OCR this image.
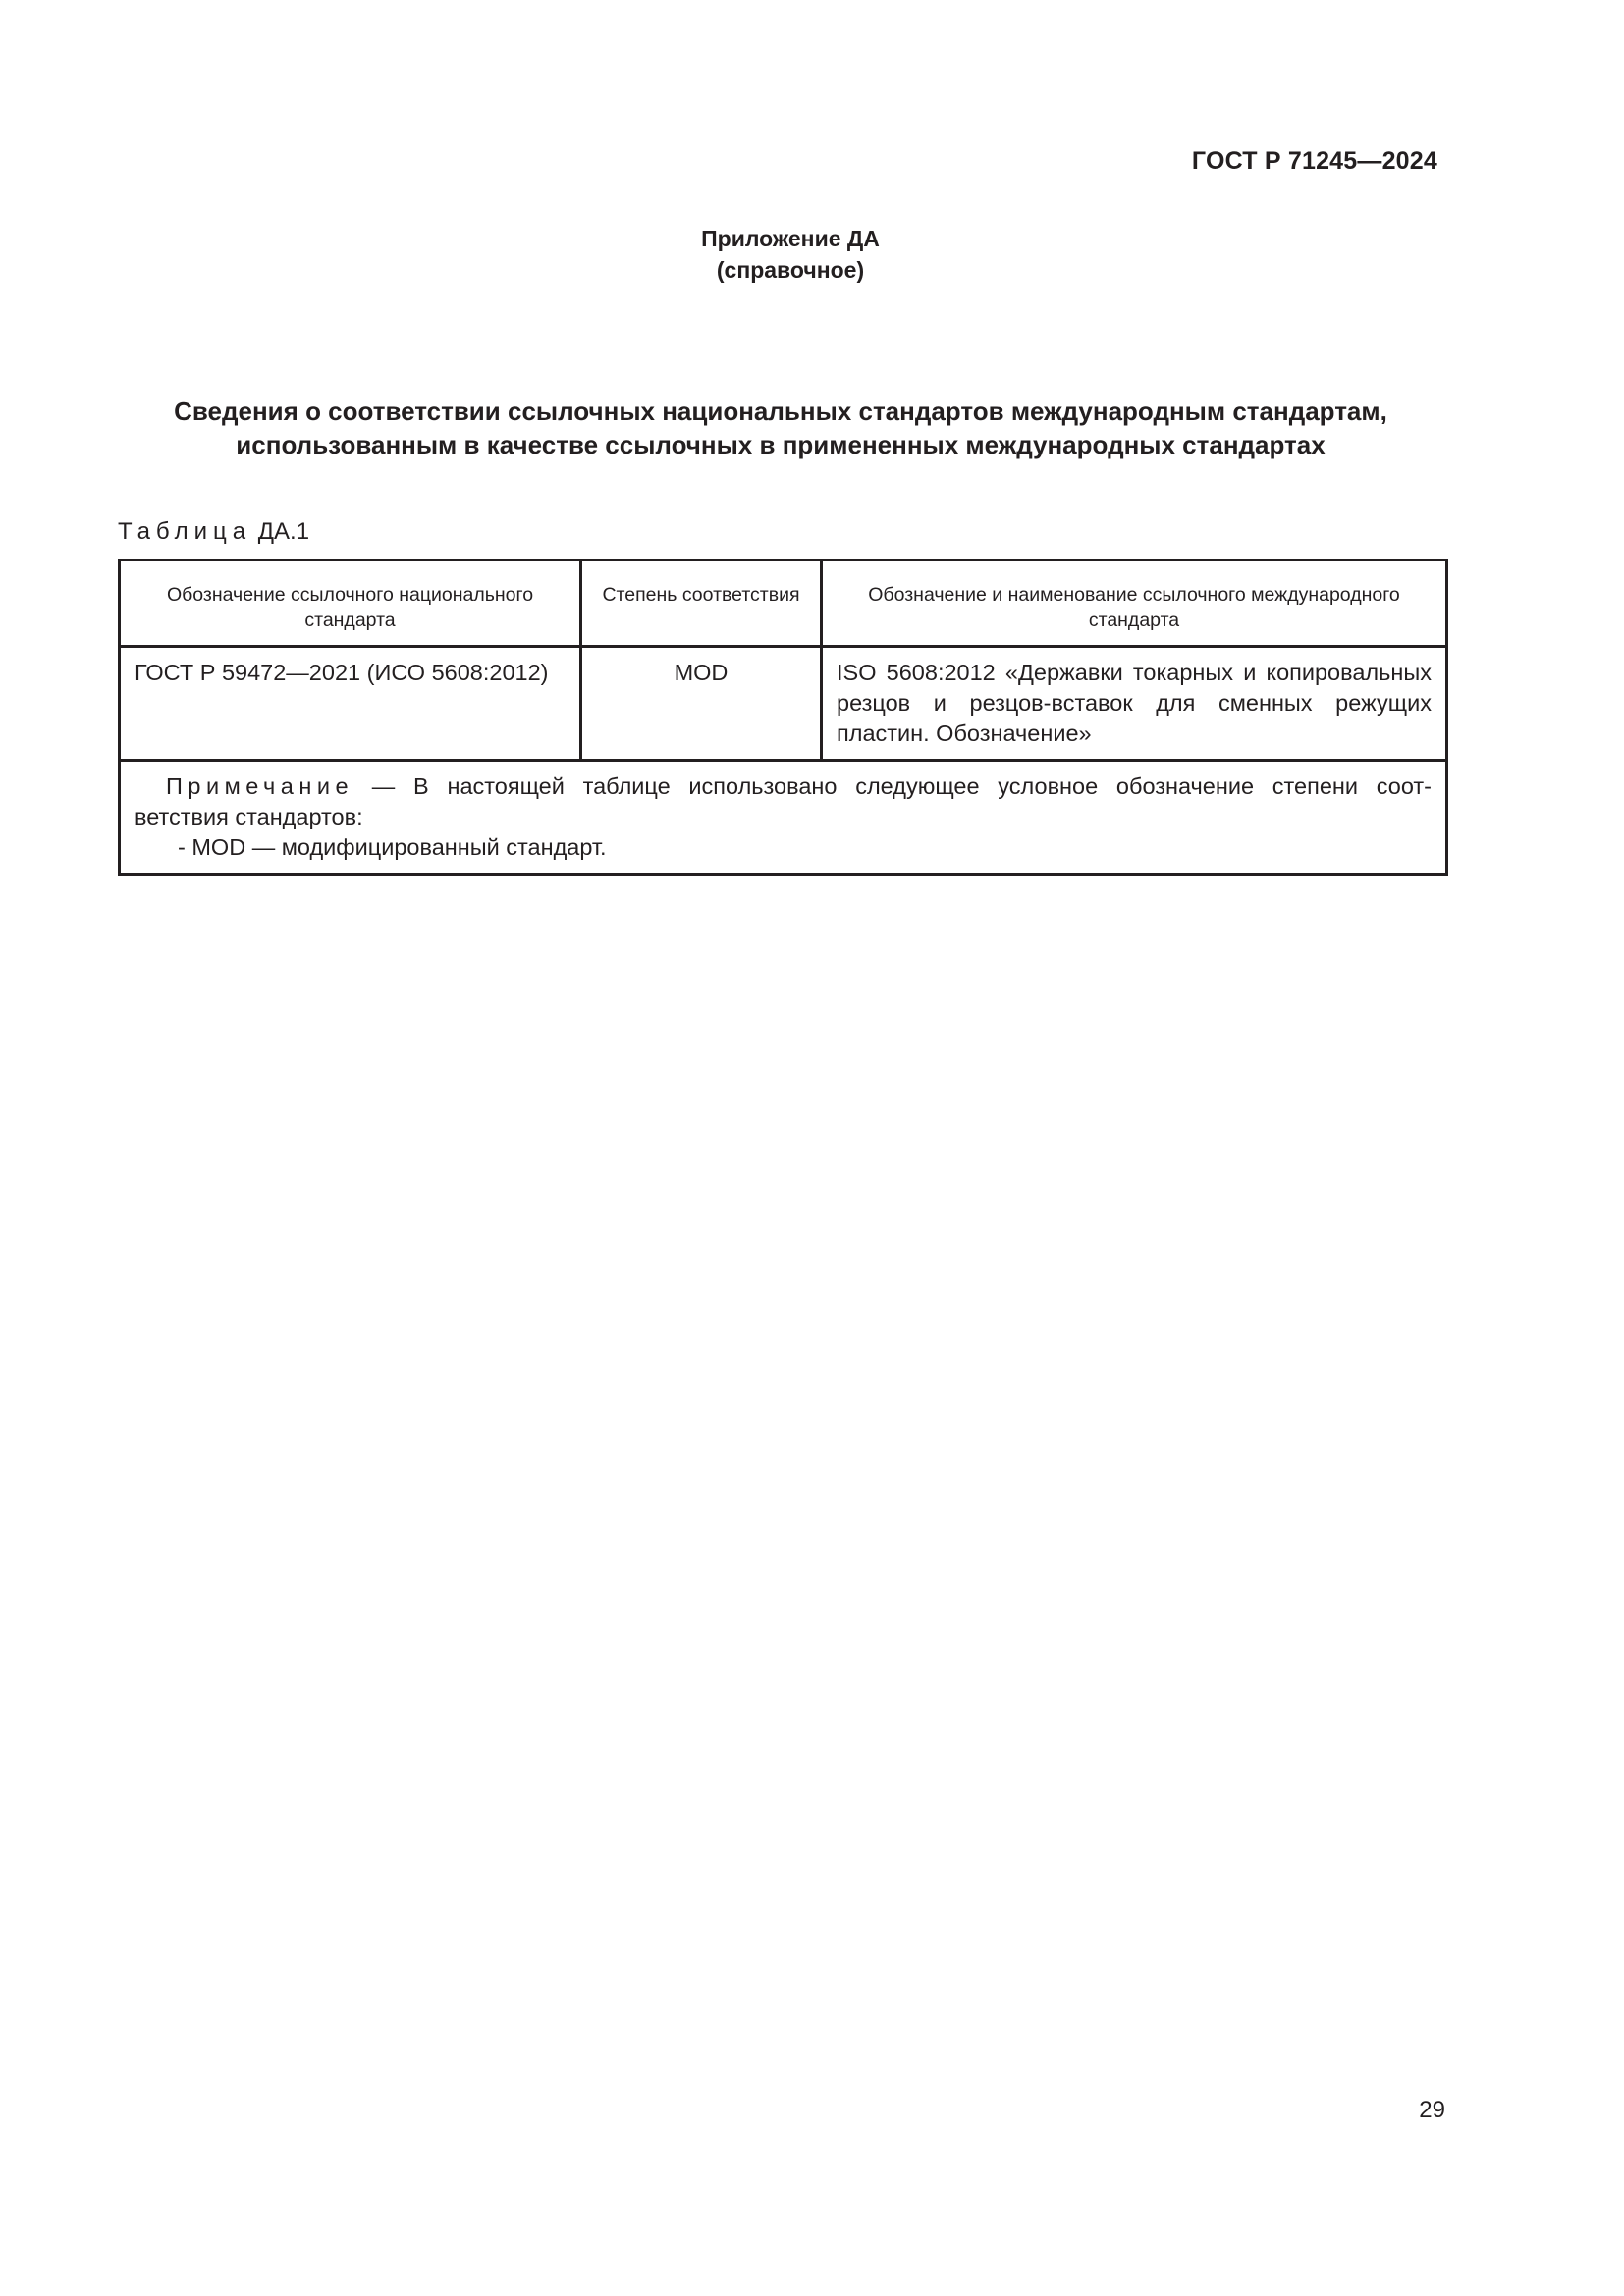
ГОСТ Р 71245—2024
Приложение ДА
(справочное)
Сведения о соответствии ссылочных национальных стандартов международным стандартам,
использованным в качестве ссылочных в примененных международных стандартах
Таблица ДА.1
Обозначение ссылочного национального стандарта	Степень соответствия	Обозначение и наименование ссылочного международного стандарта
ГОСТ Р 59472—2021 (ИСО 5608:2012)	MOD	ISO 5608:2012 «Державки токарных и копировальных резцов и резцов-вставок для сменных режущих пластин. Обозначение»

Примечание — В настоящей таблице использовано следующее условное обозначение степени соот-
ветствия стандартов:
- MOD — модифицированный стандарт.		
29
